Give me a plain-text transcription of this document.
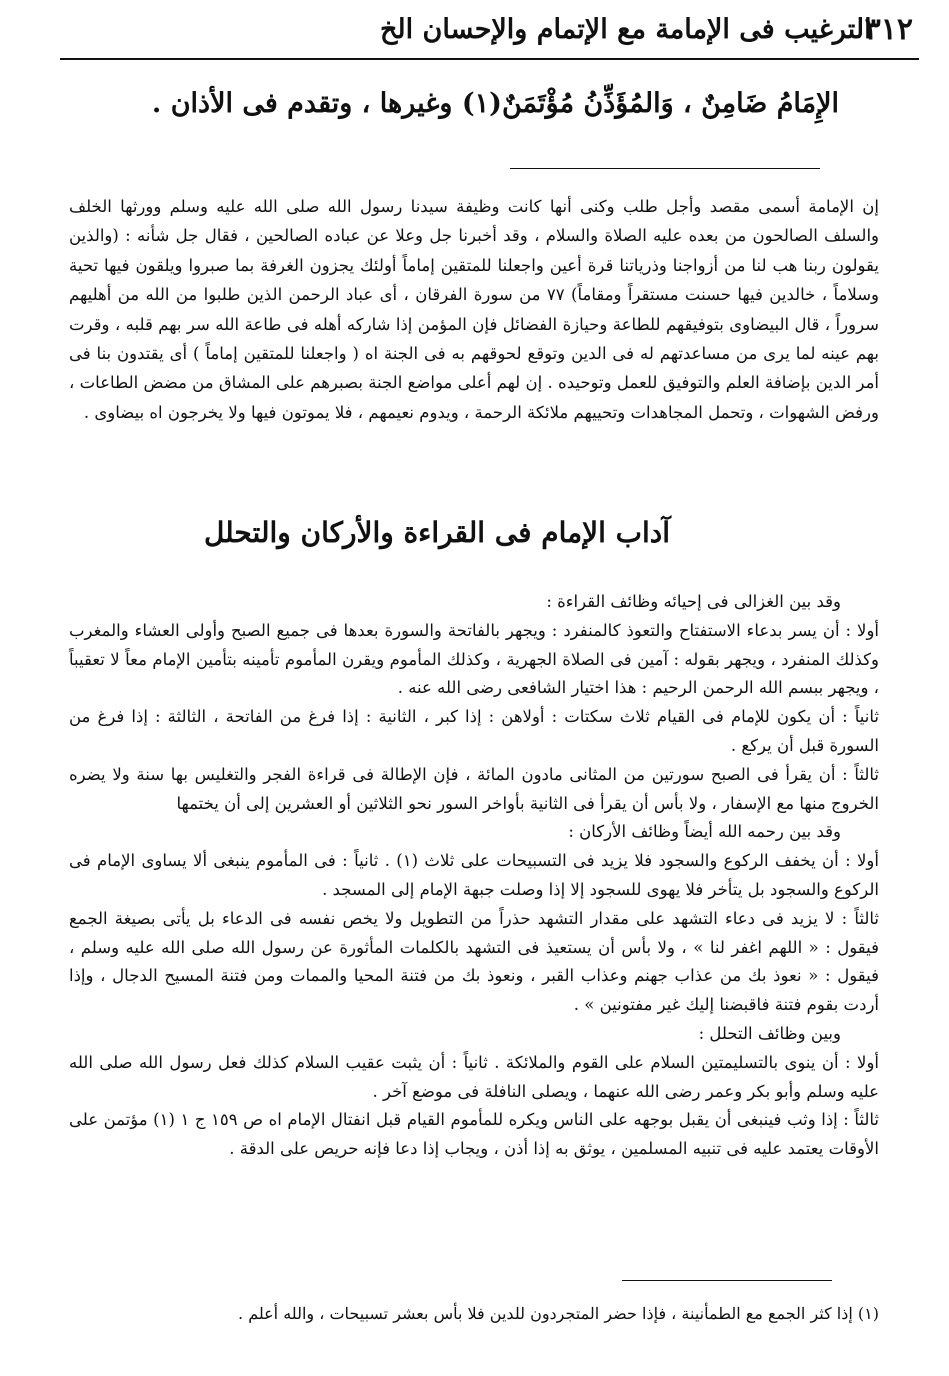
٣١٢
الترغيب فى الإمامة مع الإتمام والإحسان الخ
الإِمَامُ ضَامِنٌ ، وَالمُؤَذِّنُ مُؤْتَمَنٌ(١) وغيرها ، وتقدم فى الأذان .
إن الإمامة أسمى مقصد وأجل طلب وكنى أنها كانت وظيفة سيدنا رسول الله صلى الله عليه وسلم وورثها الخلف والسلف الصالحون من بعده عليه الصلاة والسلام ، وقد أخبرنا جل وعلا عن عباده الصالحين ، فقال جل شأنه : (والذين يقولون ربنا هب لنا من أزواجنا وذرياتنا قرة أعين واجعلنا للمتقين إماماً أولئك يجزون الغرفة بما صبروا ويلقون فيها تحية وسلاماً ، خالدين فيها حسنت مستقراً ومقاماً) ٧٧ من سورة الفرقان ، أى عباد الرحمن الذين طلبوا من الله من أهليهم سروراً ، قال البيضاوى بتوفيقهم للطاعة وحيازة الفضائل فإن المؤمن إذا شاركه أهله فى طاعة الله سر بهم قلبه ، وقرت بهم عينه لما يرى من مساعدتهم له فى الدين وتوقع لحوقهم به فى الجنة اه ( واجعلنا للمتقين إماماً ) أى يقتدون بنا فى أمر الدين بإضافة العلم والتوفيق للعمل وتوحيده . إن لهم أعلى مواضع الجنة بصبرهم على المشاق من مضض الطاعات ، ورفض الشهوات ، وتحمل المجاهدات وتحييهم ملائكة الرحمة ، ويدوم نعيمهم ، فلا يموتون فيها ولا يخرجون اه بيضاوى .
آداب الإمام فى القراءة والأركان والتحلل

وقد بين الغزالى فى إحيائه وظائف القراءة :

أولا : أن يسر بدعاء الاستفتاح والتعوذ كالمنفرد : ويجهر بالفاتحة والسورة بعدها فى جميع الصبح وأولى العشاء والمغرب وكذلك المنفرد ، ويجهر بقوله : آمين فى الصلاة الجهرية ، وكذلك المأموم ويقرن المأموم تأمينه بتأمين الإمام معاً لا تعقيباً ، ويجهر ببسم الله الرحمن الرحيم : هذا اختيار الشافعى رضى الله عنه .

ثانياً : أن يكون للإمام فى القيام ثلاث سكتات : أولاهن : إذا كبر ، الثانية : إذا فرغ من الفاتحة ، الثالثة : إذا فرغ من السورة قبل أن يركع .

ثالثاً : أن يقرأ فى الصبح سورتين من المثانى مادون المائة ، فإن الإطالة فى قراءة الفجر والتغليس بها سنة ولا يضره الخروج منها مع الإسفار ، ولا بأس أن يقرأ فى الثانية بأواخر السور نحو الثلاثين أو العشرين إلى أن يختمها

وقد بين رحمه الله أيضاً وظائف الأركان :

أولا : أن يخفف الركوع والسجود فلا يزيد فى التسبيحات على ثلاث (١) . ثانياً : فى المأموم ينبغى ألا يساوى الإمام فى الركوع والسجود بل يتأخر فلا يهوى للسجود إلا إذا وصلت جبهة الإمام إلى المسجد .

ثالثاً : لا يزيد فى دعاء التشهد على مقدار التشهد حذراً من التطويل ولا يخص نفسه فى الدعاء بل يأتى بصيغة الجمع فيقول : « اللهم اغفر لنا » ، ولا بأس أن يستعيذ فى التشهد بالكلمات المأثورة عن رسول الله صلى الله عليه وسلم ، فيقول : « نعوذ بك من عذاب جهنم وعذاب القبر ، ونعوذ بك من فتنة المحيا والممات ومن فتنة المسيح الدجال ، وإذا أردت بقوم فتنة فاقبضنا إليك غير مفتونين » .

وبين وظائف التحلل :

أولا : أن ينوى بالتسليمتين السلام على القوم والملائكة . ثانياً : أن يثبت عقيب السلام كذلك فعل رسول الله صلى الله عليه وسلم وأبو بكر وعمر رضى الله عنهما ، ويصلى النافلة فى موضع آخر .

ثالثاً : إذا وثب فينبغى أن يقبل بوجهه على الناس ويكره للمأموم القيام قبل انفتال الإمام اه ص ١٥٩ ج ١ (١) مؤتمن على الأوقات يعتمد عليه فى تنبيه المسلمين ، يوثق به إذا أذن ، ويجاب إذا دعا فإنه حريص على الدقة .

(١) إذا كثر الجمع مع الطمأنينة ، فإذا حضر المتجردون للدين فلا بأس بعشر تسبيحات ، والله أعلم .
